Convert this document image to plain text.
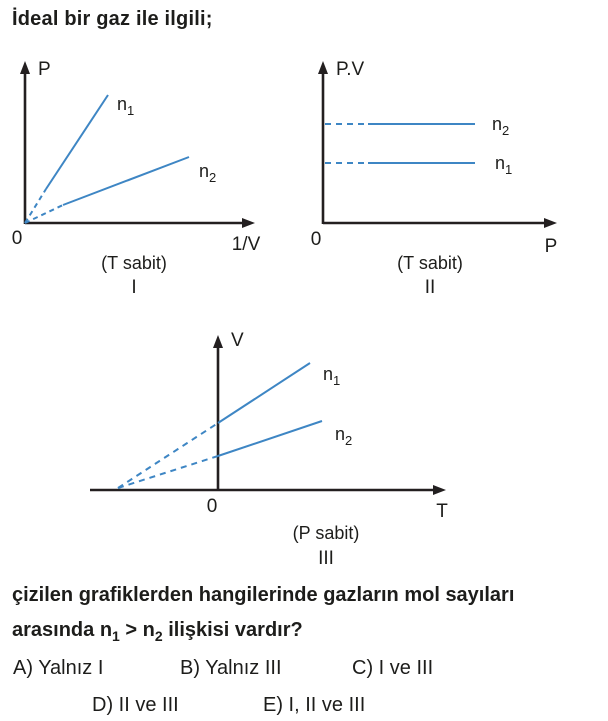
İdeal bir gaz ile ilgili;
P
1/V
0
$n_1$
$n_2$
(T sabit)
I
P.V
P
0
$n_2$
$n_1$
(T sabit)
II
V
T
0
$n_1$
$n_2$
(P sabit)
III
çizilen grafiklerden hangilerinde gazların mol sayıları
arasında $n_1 > n_2$ ilişkisi vardır?
A) Yalnız I	B) Yalnız III	C) I ve III
D) II ve III	E) I, II ve III
